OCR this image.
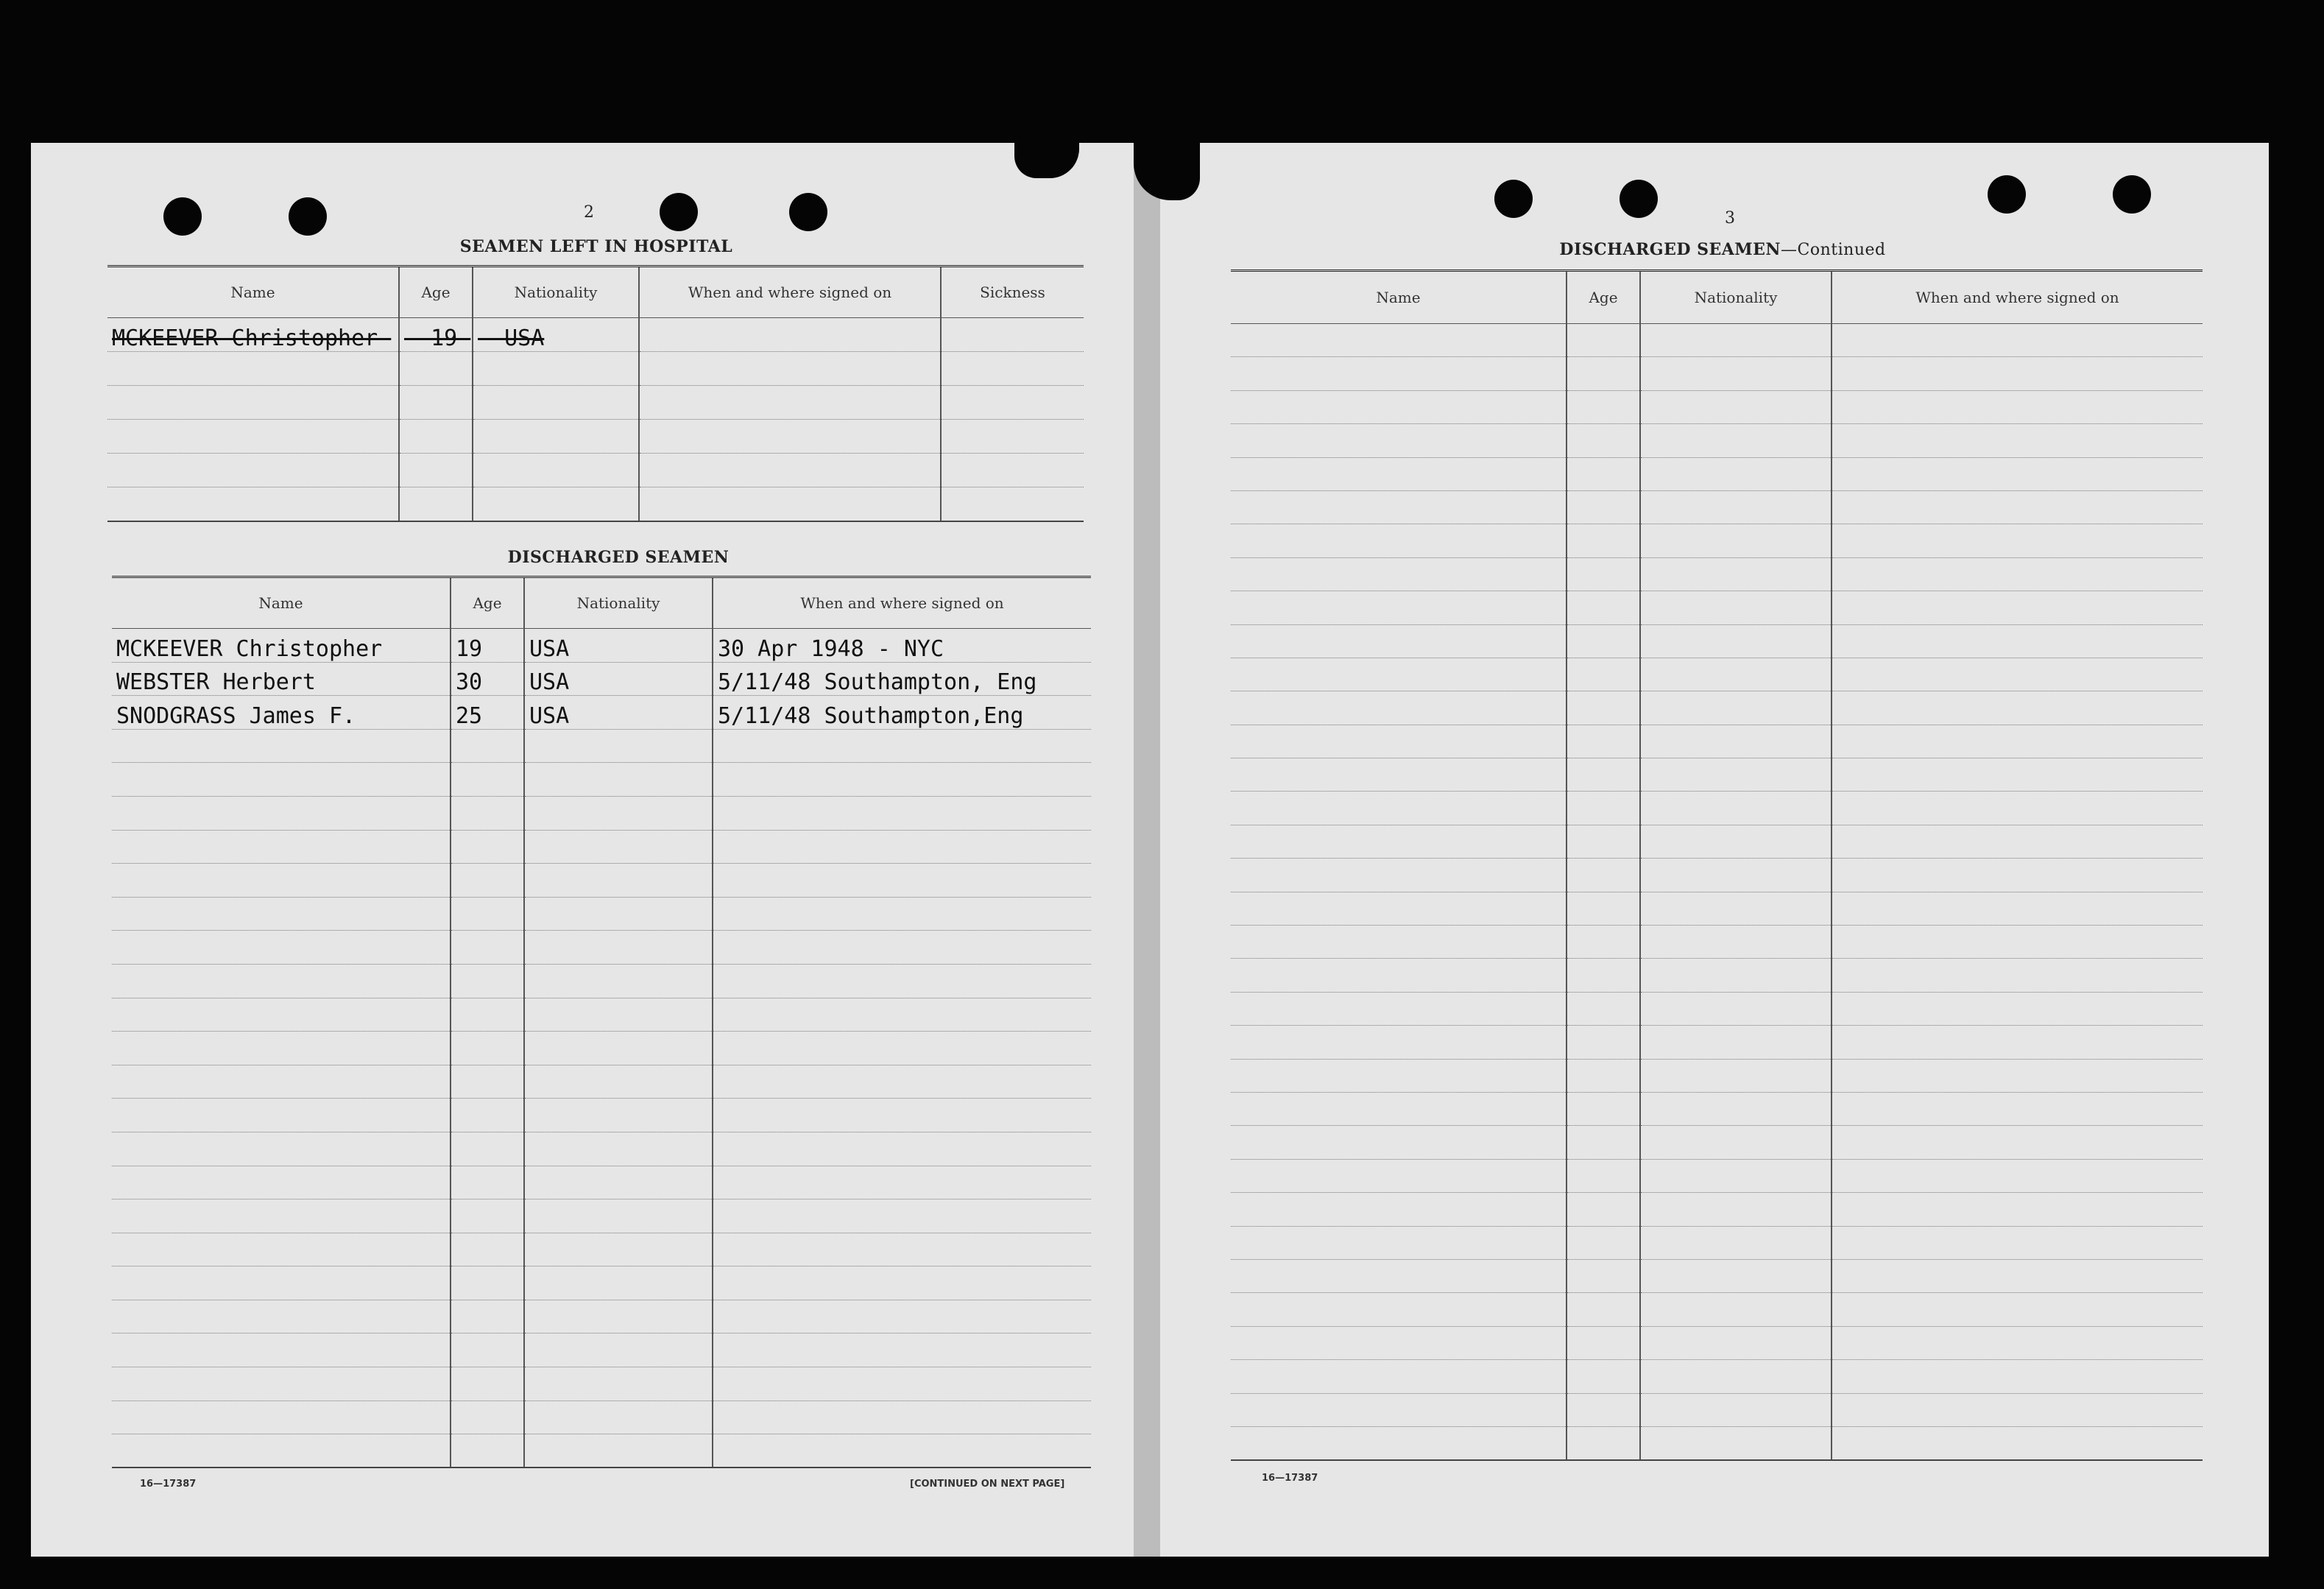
2
SEAMEN LEFT IN HOSPITAL
Name	Age	Nationality	When and where signed on	Sickness
MCKEEVER-Christopher-	- 19-	- USA		

DISCHARGED SEAMEN
Name	Age	Nationality	When and where signed on
MCKEEVER Christopher	19	USA	30 Apr 1948 - NYC
WEBSTER Herbert	30	USA	5/11/48 Southampton, Eng
SNODGRASS James F.	25	USA	5/11/48 Southampton,Eng

16—17387	[CONTINUED ON NEXT PAGE]
3
DISCHARGED SEAMEN—Continued
Name	Age	Nationality	When and where signed on

16—17387
